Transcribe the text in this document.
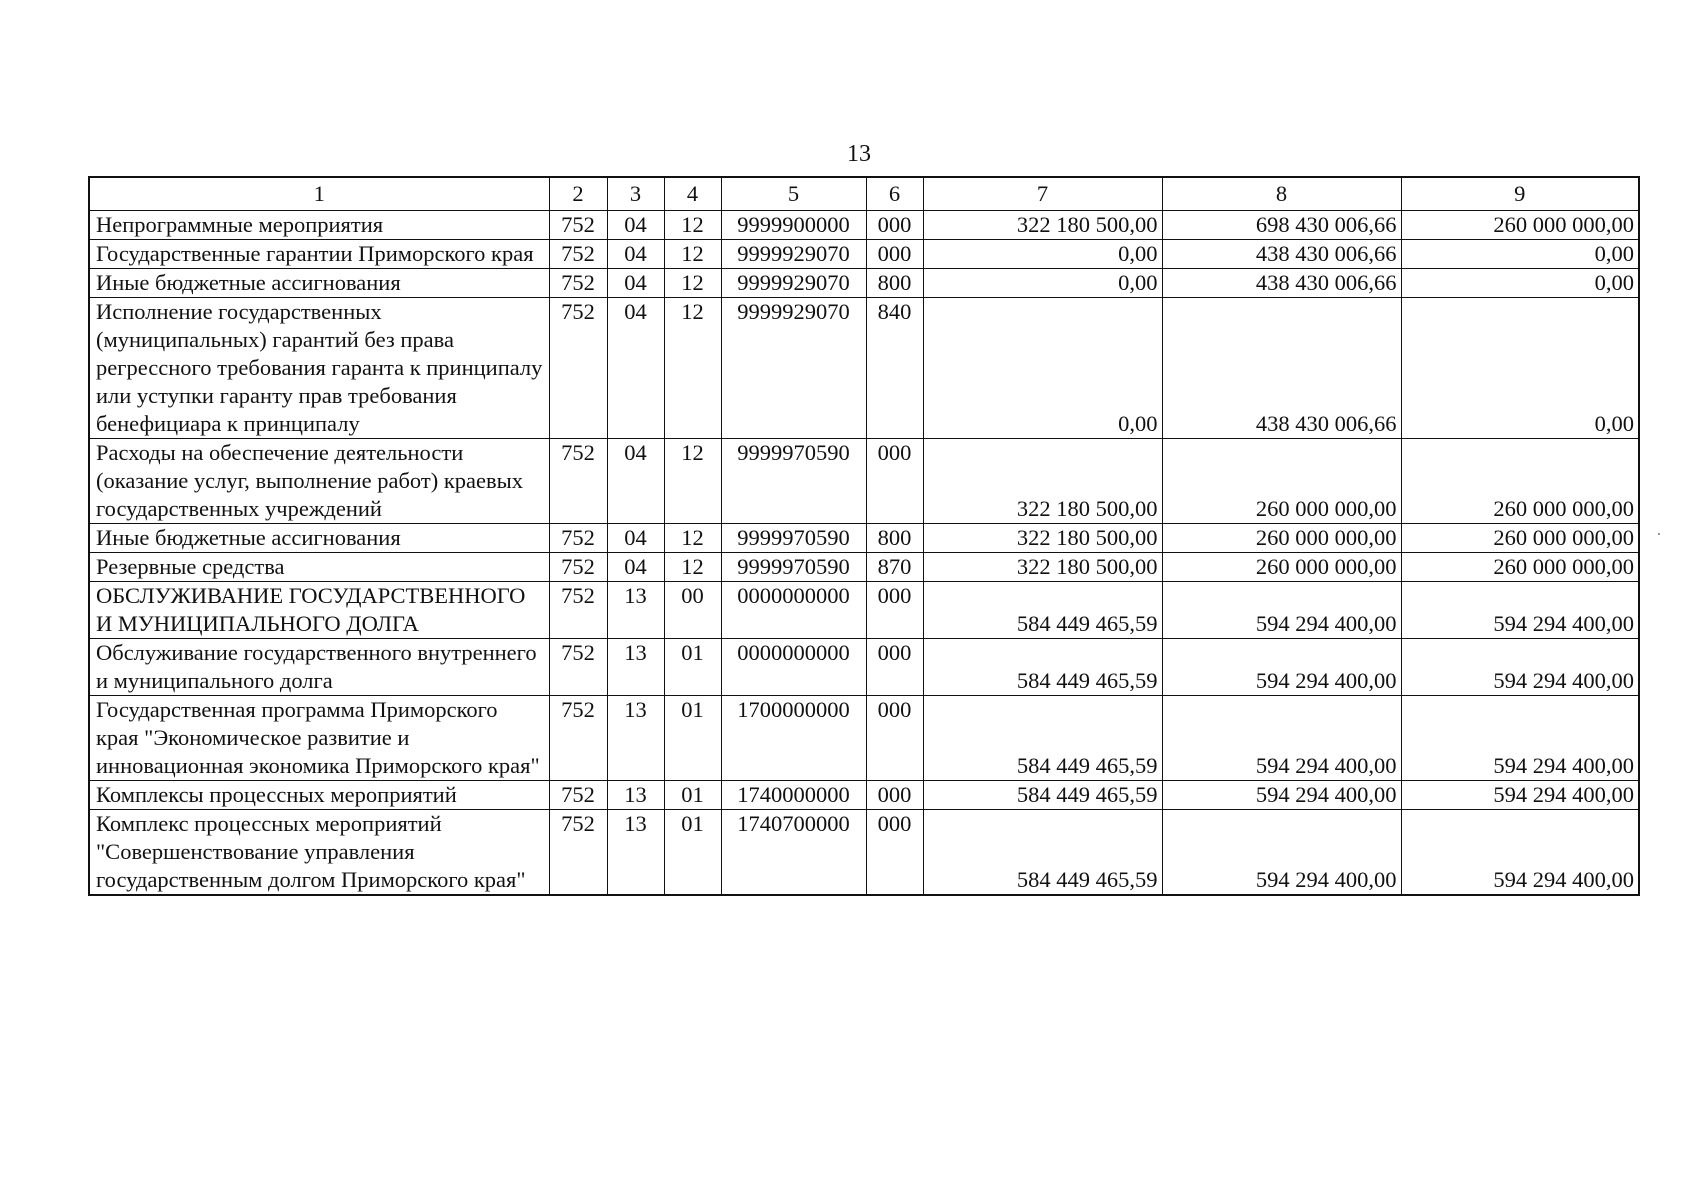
13
1	2	3	4	5	6	7	8	9
Непрограммные мероприятия	752	04	12	9999900000	000	322 180 500,00	698 430 006,66	260 000 000,00
Государственные гарантии Приморского края	752	04	12	9999929070	000	0,00	438 430 006,66	0,00
Иные бюджетные ассигнования	752	04	12	9999929070	800	0,00	438 430 006,66	0,00
Исполнение государственных (муниципальных) гарантий без права регрессного требования гаранта к принципалу или уступки гаранту прав требования бенефициара к принципалу	752	04	12	9999929070	840	0,00	438 430 006,66	0,00
Расходы на обеспечение деятельности (оказание услуг, выполнение работ) краевых государственных учреждений	752	04	12	9999970590	000	322 180 500,00	260 000 000,00	260 000 000,00
Иные бюджетные ассигнования	752	04	12	9999970590	800	322 180 500,00	260 000 000,00	260 000 000,00
Резервные средства	752	04	12	9999970590	870	322 180 500,00	260 000 000,00	260 000 000,00
ОБСЛУЖИВАНИЕ ГОСУДАРСТВЕННОГО И МУНИЦИПАЛЬНОГО ДОЛГА	752	13	00	0000000000	000	584 449 465,59	594 294 400,00	594 294 400,00
Обслуживание государственного внутреннего и муниципального долга	752	13	01	0000000000	000	584 449 465,59	594 294 400,00	594 294 400,00
Государственная программа Приморского края "Экономическое развитие и инновационная экономика Приморского края"	752	13	01	1700000000	000	584 449 465,59	594 294 400,00	594 294 400,00
Комплексы процессных мероприятий	752	13	01	1740000000	000	584 449 465,59	594 294 400,00	594 294 400,00
Комплекс процессных мероприятий "Совершенствование управления государственным долгом Приморского края"	752	13	01	1740700000	000	584 449 465,59	594 294 400,00	594 294 400,00
